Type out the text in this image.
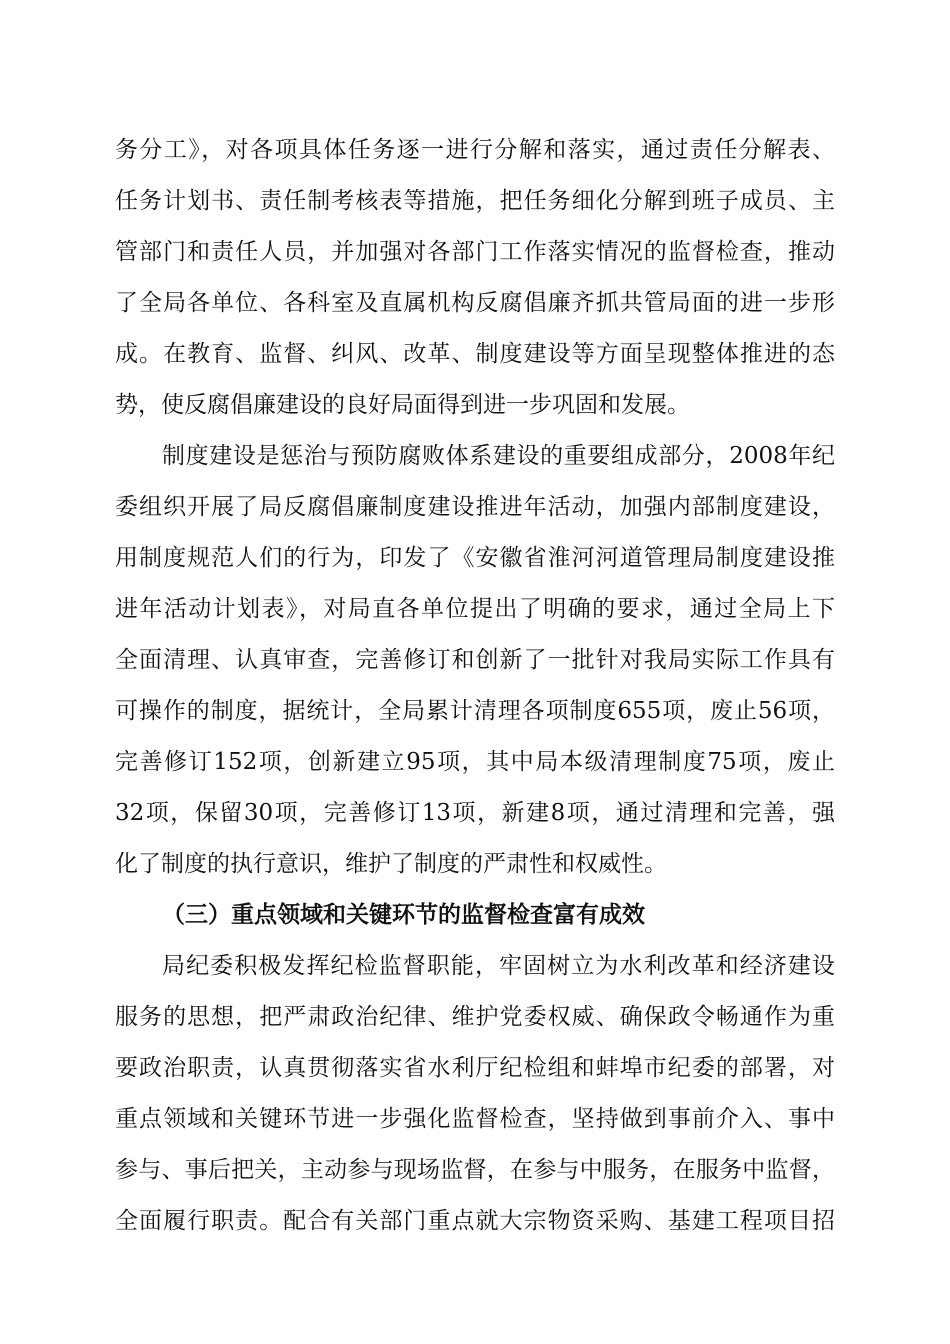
务分工》，对各项具体任务逐一进行分解和落实，通过责任分解表、
任务计划书、责任制考核表等措施，把任务细化分解到班子成员、主
管部门和责任人员，并加强对各部门工作落实情况的监督检查，推动
了全局各单位、各科室及直属机构反腐倡廉齐抓共管局面的进一步形
成。在教育、监督、纠风、改革、制度建设等方面呈现整体推进的态
势，使反腐倡廉建设的良好局面得到进一步巩固和发展。
制度建设是惩治与预防腐败体系建设的重要组成部分，2008年纪
委组织开展了局反腐倡廉制度建设推进年活动，加强内部制度建设，
用制度规范人们的行为，印发了《安徽省淮河河道管理局制度建设推
进年活动计划表》，对局直各单位提出了明确的要求，通过全局上下
全面清理、认真审查，完善修订和创新了一批针对我局实际工作具有
可操作的制度，据统计，全局累计清理各项制度655项，废止56项，
完善修订152项，创新建立95项，其中局本级清理制度75项，废止
32项，保留30项，完善修订13项，新建8项，通过清理和完善，强
化了制度的执行意识，维护了制度的严肃性和权威性。
（三）重点领域和关键环节的监督检查富有成效
局纪委积极发挥纪检监督职能，牢固树立为水利改革和经济建设
服务的思想，把严肃政治纪律、维护党委权威、确保政令畅通作为重
要政治职责，认真贯彻落实省水利厅纪检组和蚌埠市纪委的部署，对
重点领域和关键环节进一步强化监督检查，坚持做到事前介入、事中
参与、事后把关，主动参与现场监督，在参与中服务，在服务中监督，
全面履行职责。配合有关部门重点就大宗物资采购、基建工程项目招
